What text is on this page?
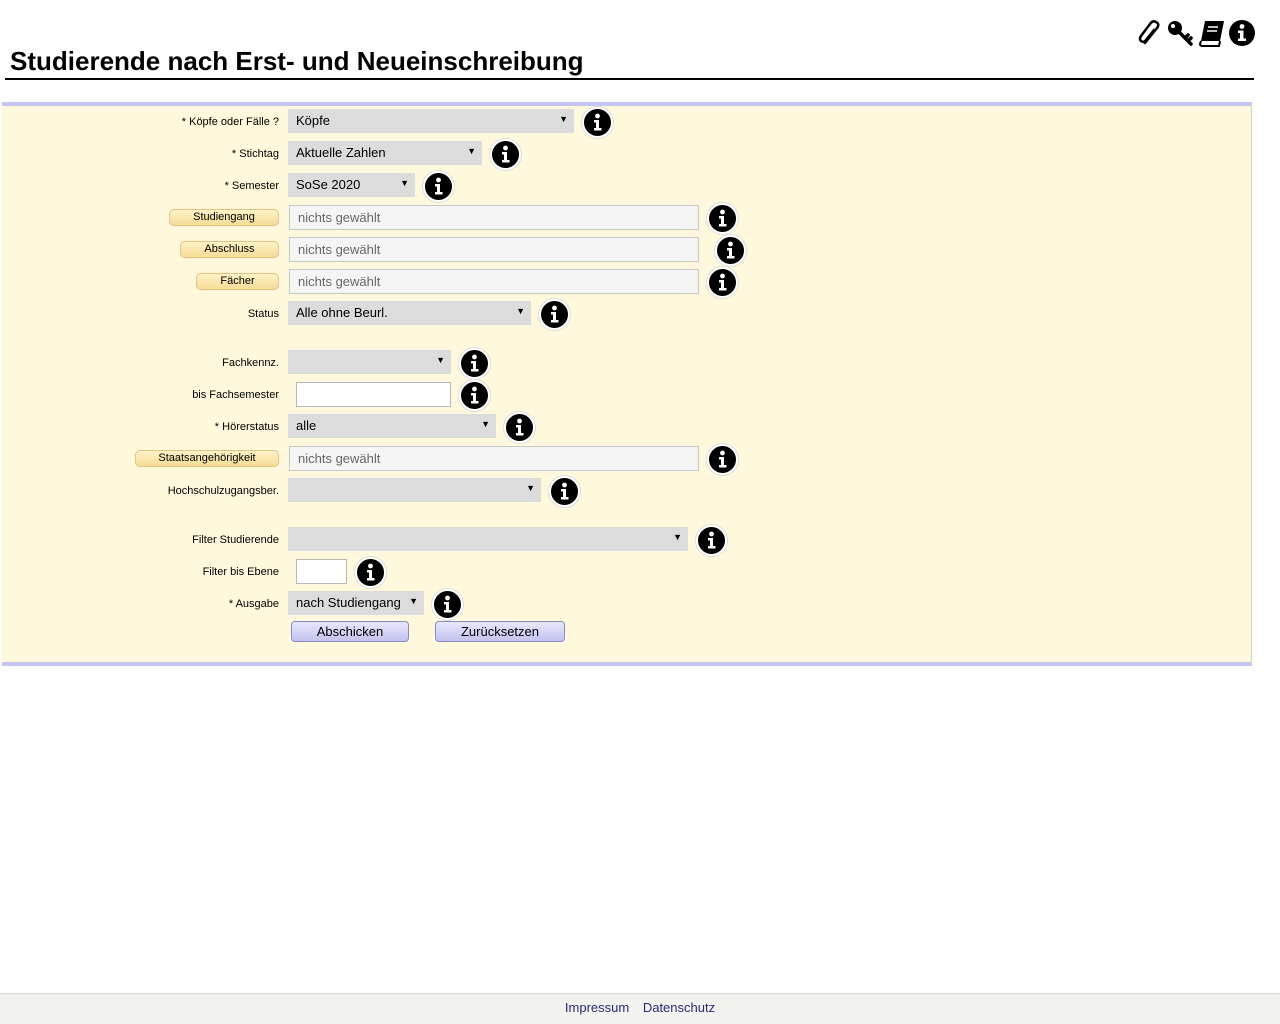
Studierende nach Erst- und Neueinschreibung
* Köpfe oder Fälle ?	Köpfe	▼
* Stichtag	Aktuelle Zahlen	▼
* Semester	SoSe 2020	▼
Studiengang	nichts gewählt
Abschluss	nichts gewählt
Fächer	nichts gewählt
Status	Alle ohne Beurl.	▼
Fachkennz.	▼
bis Fachsemester
* Hörerstatus	alle	▼
Staatsangehörigkeit	nichts gewählt
Hochschulzugangsber.	▼
Filter Studierende	▼
Filter bis Ebene
* Ausgabe	nach Studiengang ▼
Abschicken	Zurücksetzen
Impressum Datenschutz
